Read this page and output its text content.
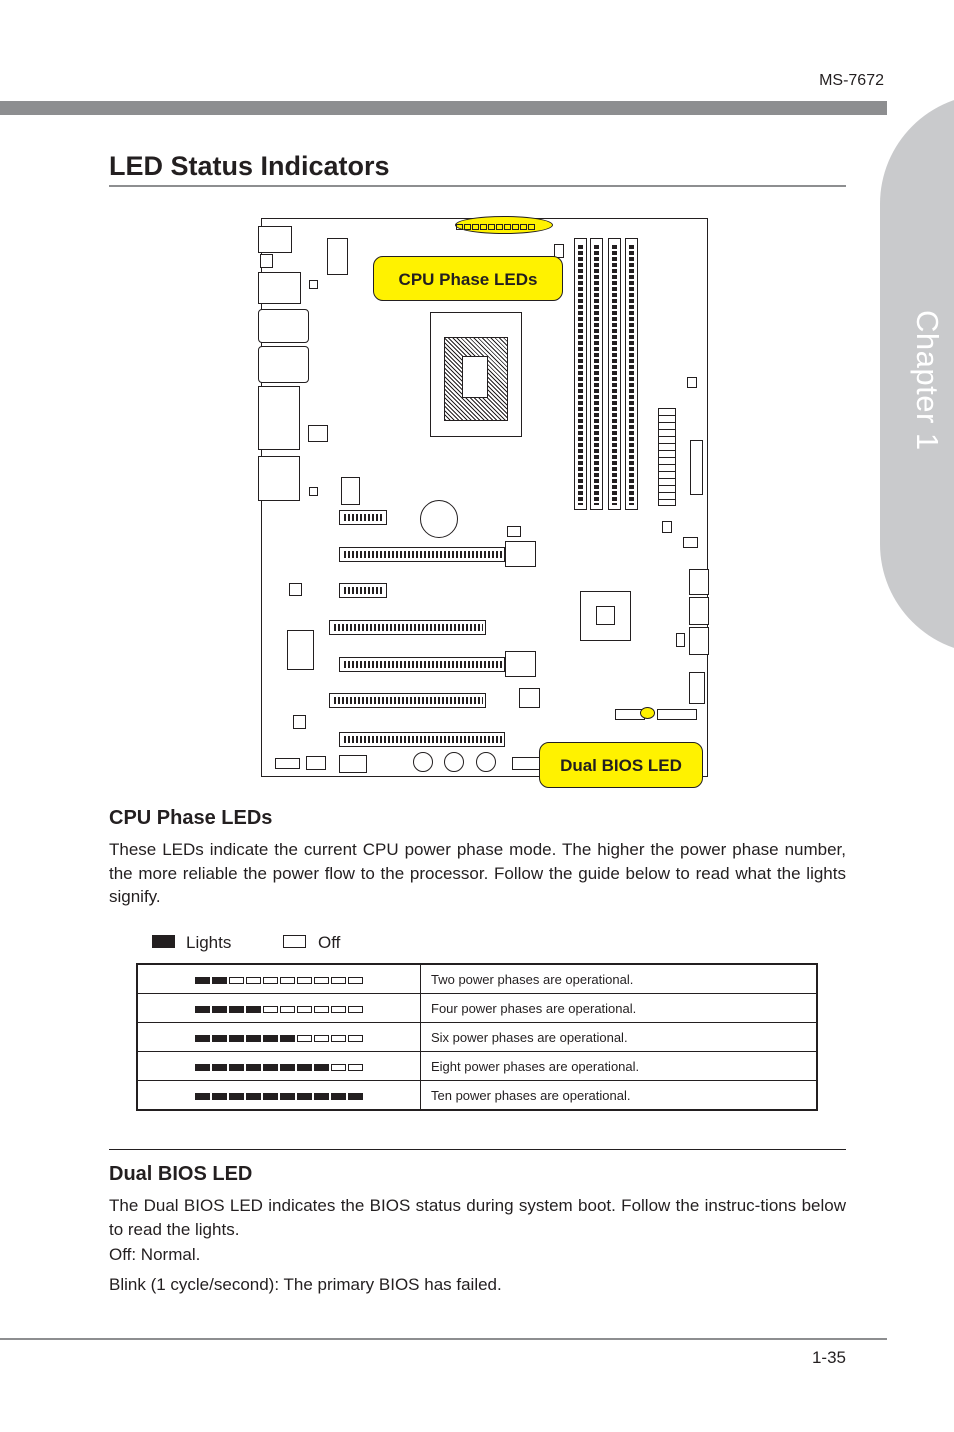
MS-7672
Chapter 1
LED Status Indicators
CPU Phase LEDs
Dual BIOS LED
CPU Phase LEDs
These LEDs indicate the current CPU power phase mode. The higher the power phase number, the more reliable the power flow to the processor. Follow the guide below to read what the lights signify.
Lights	Off
	Two power phases are operational.
	Four power phases are operational.
	Six power phases are operational.
	Eight power phases are operational.
	Ten power phases are operational.
Dual BIOS LED
The Dual BIOS LED indicates the BIOS status during system boot. Follow the instruc-tions below to read the lights.
Off: Normal.
Blink (1 cycle/second): The primary BIOS has failed.
1-35
